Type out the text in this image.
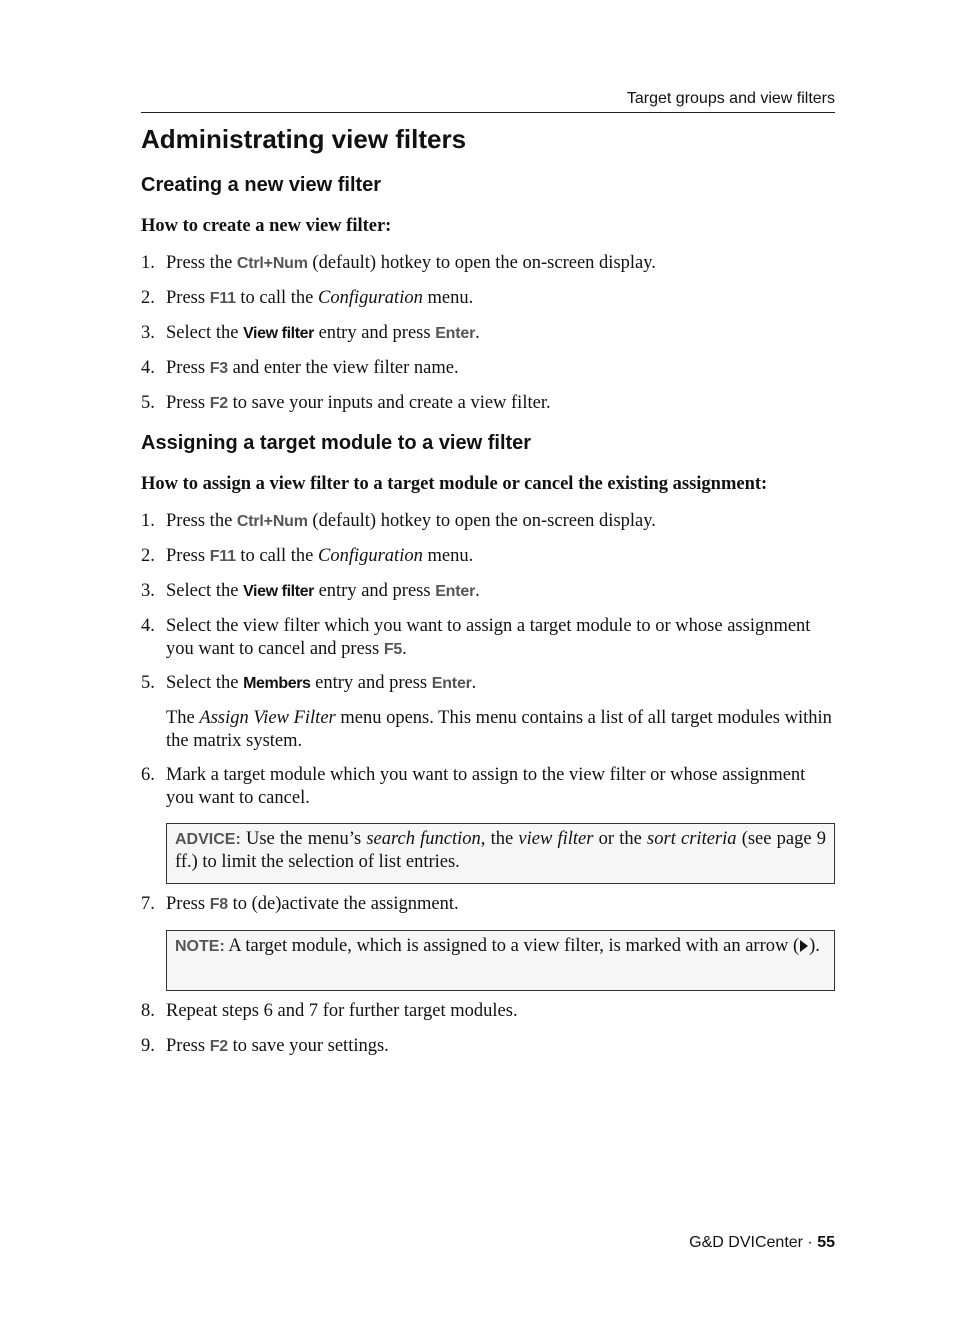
Target groups and view filters
Administrating view filters
Creating a new view filter
How to create a new view filter:
1. Press the Ctrl+Num (default) hotkey to open the on-screen display.
2. Press F11 to call the Configuration menu.
3. Select the View filter entry and press Enter.
4. Press F3 and enter the view filter name.
5. Press F2 to save your inputs and create a view filter.
Assigning a target module to a view filter
How to assign a view filter to a target module or cancel the existing assignment:
1. Press the Ctrl+Num (default) hotkey to open the on-screen display.
2. Press F11 to call the Configuration menu.
3. Select the View filter entry and press Enter.
4. Select the view filter which you want to assign a target module to or whose assignment you want to cancel and press F5.
5. Select the Members entry and press Enter.
The Assign View Filter menu opens. This menu contains a list of all target modules within the matrix system.
6. Mark a target module which you want to assign to the view filter or whose assignment you want to cancel.
ADVICE: Use the menu’s search function, the view filter or the sort criteria (see page 9 ff.) to limit the selection of list entries.
7. Press F8 to (de)activate the assignment.
NOTE: A target module, which is assigned to a view filter, is marked with an arrow ( ).
8. Repeat steps 6 and 7 for further target modules.
9. Press F2 to save your settings.
G&D DVICenter · 55
